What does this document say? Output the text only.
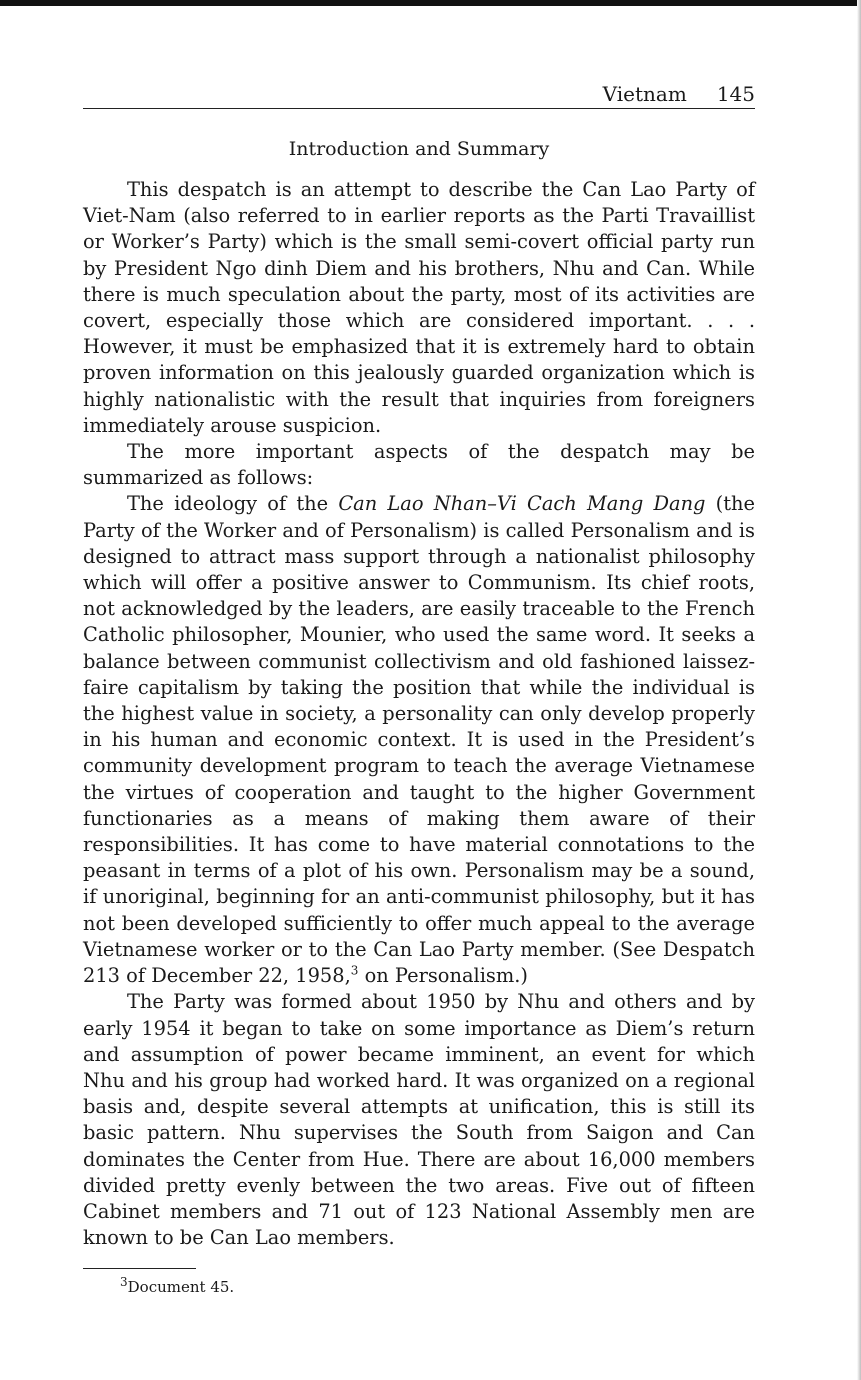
Vietnam 145
Introduction and Summary

This despatch is an attempt to describe the Can Lao Party of Viet-Nam (also referred to in earlier reports as the Parti Travaillist or Worker’s Party) which is the small semi-covert official party run by President Ngo dinh Diem and his brothers, Nhu and Can. While there is much speculation about the party, most of its activities are covert, especially those which are considered important. . . . However, it must be emphasized that it is extremely hard to obtain proven information on this jealously guarded organization which is highly nationalistic with the result that inquiries from foreigners immediately arouse suspicion.

The more important aspects of the despatch may be summarized as follows:

The ideology of the Can Lao Nhan–Vi Cach Mang Dang (the Party of the Worker and of Personalism) is called Personalism and is designed to attract mass support through a nationalist philosophy which will offer a positive answer to Communism. Its chief roots, not acknowledged by the leaders, are easily traceable to the French Catholic philosopher, Mounier, who used the same word. It seeks a balance between communist collectivism and old fashioned laissez-faire capitalism by taking the position that while the individual is the highest value in society, a personality can only develop properly in his human and economic context. It is used in the President’s community development program to teach the average Vietnamese the virtues of cooperation and taught to the higher Government functionaries as a means of making them aware of their responsibilities. It has come to have material connotations to the peasant in terms of a plot of his own. Personalism may be a sound, if unoriginal, beginning for an anti-communist philosophy, but it has not been developed sufficiently to offer much appeal to the average Vietnamese worker or to the Can Lao Party member. (See Despatch 213 of December 22, 1958,$^3$ on Personalism.)

The Party was formed about 1950 by Nhu and others and by early 1954 it began to take on some importance as Diem’s return and assumption of power became imminent, an event for which Nhu and his group had worked hard. It was organized on a regional basis and, despite several attempts at unification, this is still its basic pattern. Nhu supervises the South from Saigon and Can dominates the Center from Hue. There are about 16,000 members divided pretty evenly between the two areas. Five out of fifteen Cabinet members and 71 out of 123 National Assembly men are known to be Can Lao members.

$^3$Document 45.
